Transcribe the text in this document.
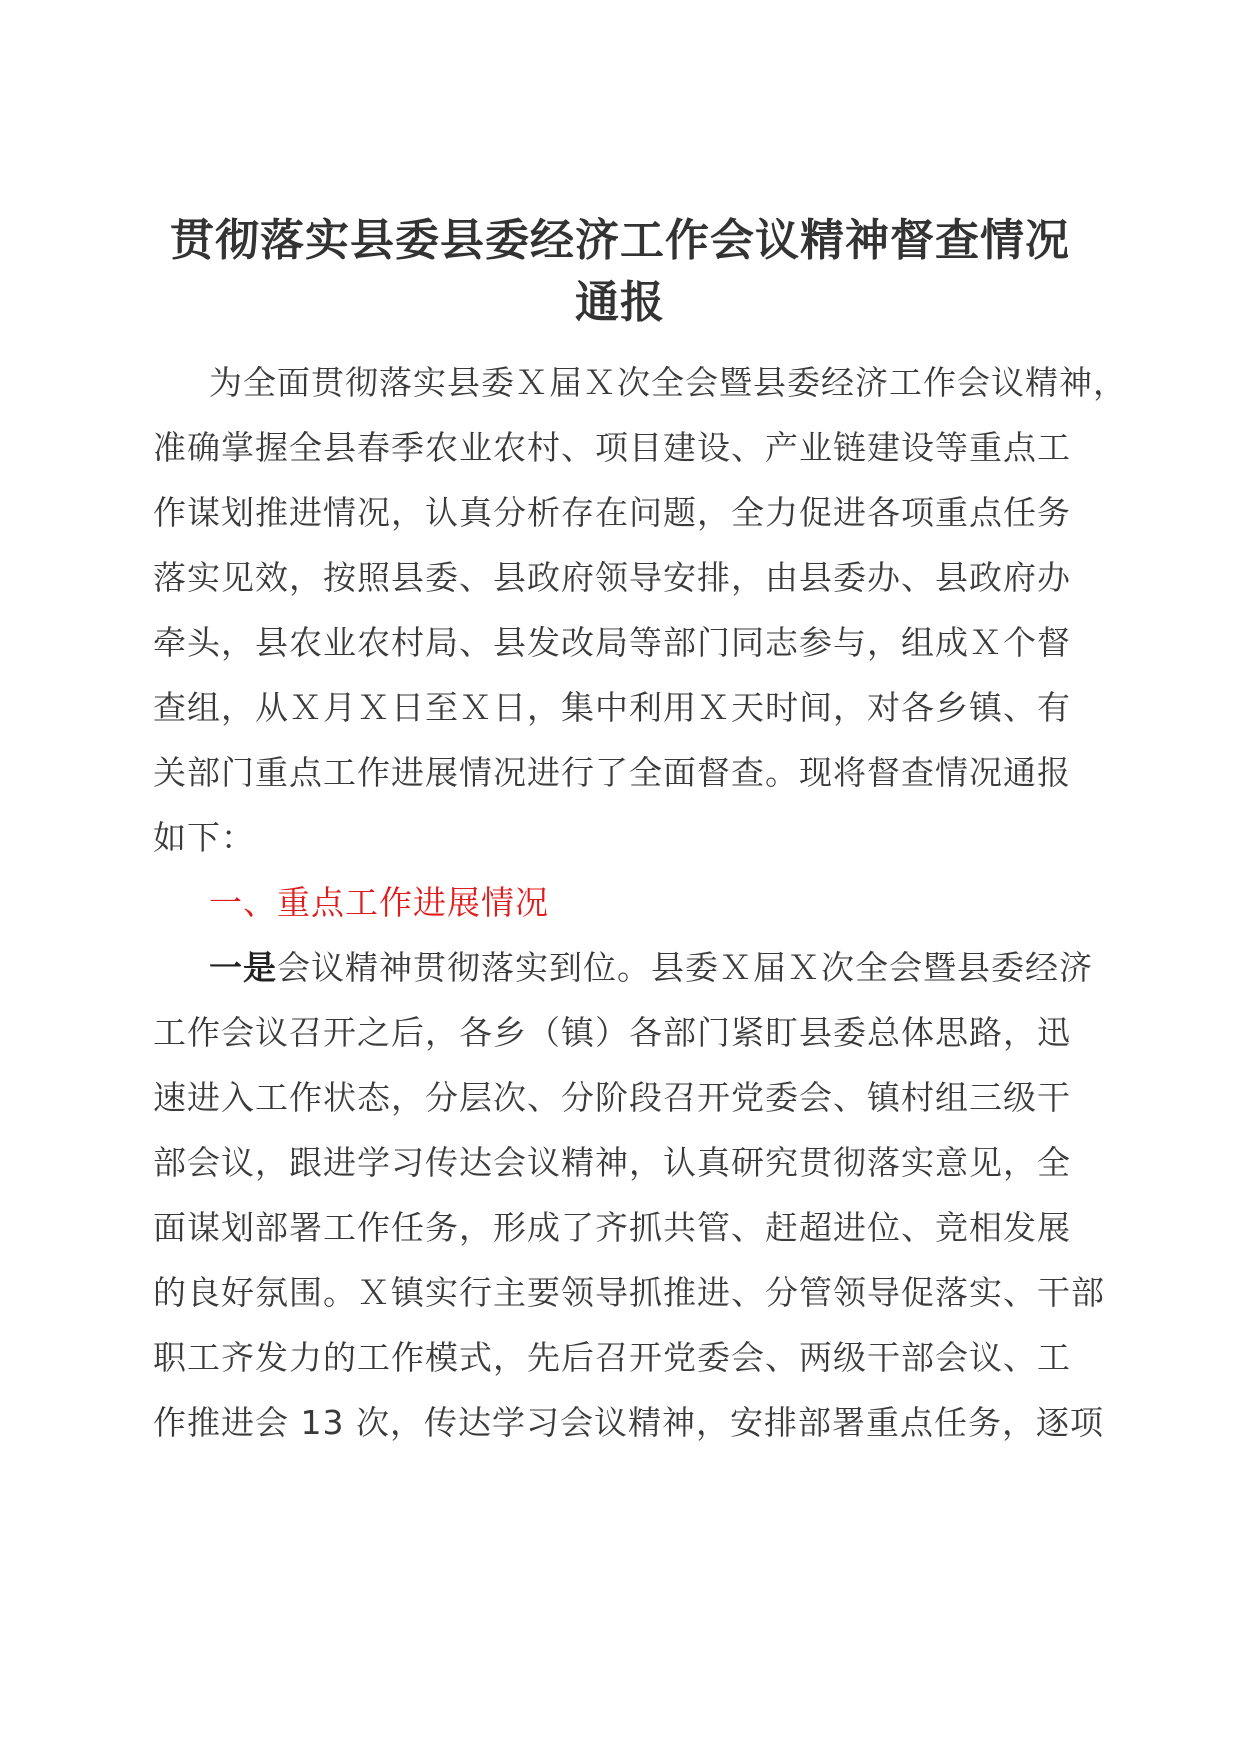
贯彻落实县委县委经济工作会议精神督查情况
通报

为全面贯彻落实县委Ｘ届Ｘ次全会暨县委经济工作会议精神，
准确掌握全县春季农业农村、项目建设、产业链建设等重点工
作谋划推进情况，认真分析存在问题，全力促进各项重点任务
落实见效，按照县委、县政府领导安排，由县委办、县政府办
牵头，县农业农村局、县发改局等部门同志参与，组成Ｘ个督
查组，从Ｘ月Ｘ日至Ｘ日，集中利用Ｘ天时间，对各乡镇、有
关部门重点工作进展情况进行了全面督查。现将督查情况通报
如下：

一、重点工作进展情况

一是会议精神贯彻落实到位。县委Ｘ届Ｘ次全会暨县委经济
工作会议召开之后，各乡（镇）各部门紧盯县委总体思路，迅
速进入工作状态，分层次、分阶段召开党委会、镇村组三级干
部会议，跟进学习传达会议精神，认真研究贯彻落实意见，全
面谋划部署工作任务，形成了齐抓共管、赶超进位、竞相发展
的良好氛围。Ｘ镇实行主要领导抓推进、分管领导促落实、干部
职工齐发力的工作模式，先后召开党委会、两级干部会议、工
作推进会 13 次，传达学习会议精神，安排部署重点任务，逐项
